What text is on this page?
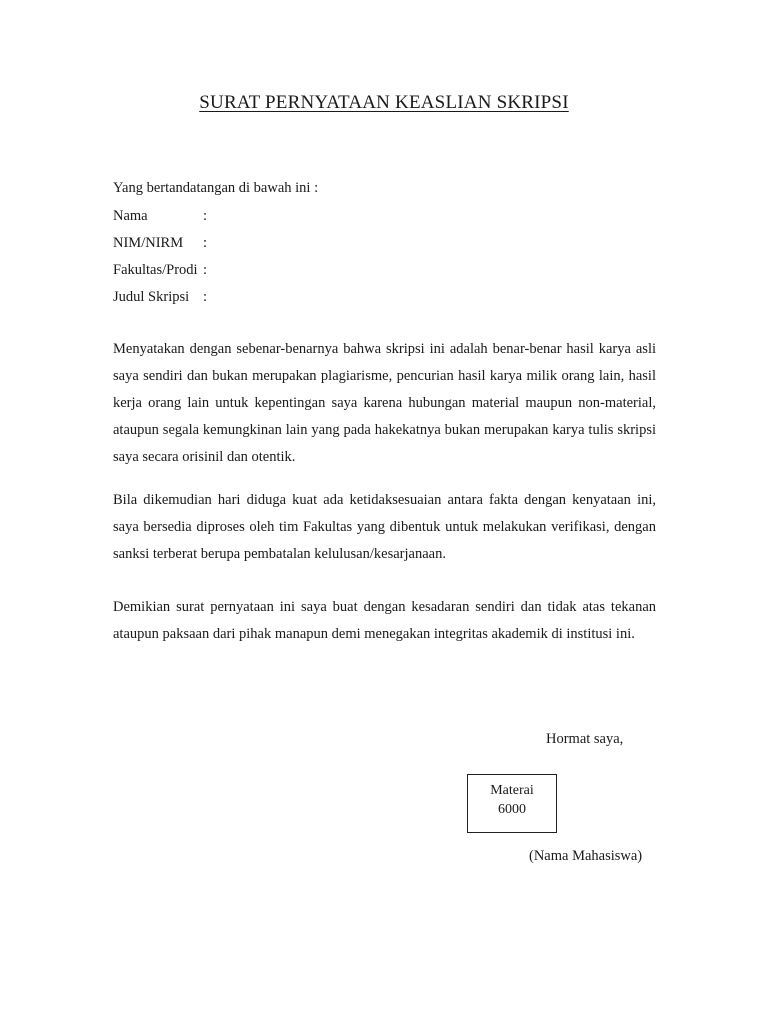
SURAT PERNYATAAN KEASLIAN SKRIPSI
Yang bertandatangan di bawah ini :
Nama	:
NIM/NIRM	:
Fakultas/Prodi :
Judul Skripsi :
Menyatakan dengan sebenar-benarnya bahwa skripsi ini adalah benar-benar hasil karya asli saya sendiri dan bukan merupakan plagiarisme, pencurian hasil karya milik orang lain, hasil kerja orang lain untuk kepentingan saya karena hubungan material maupun non-material, ataupun segala kemungkinan lain yang pada hakekatnya bukan merupakan karya tulis skripsi saya secara orisinil dan otentik.
Bila dikemudian hari diduga kuat ada ketidaksesuaian antara fakta dengan kenyataan ini, saya bersedia diproses oleh tim Fakultas yang dibentuk untuk melakukan verifikasi, dengan sanksi terberat berupa pembatalan kelulusan/kesarjanaan.
Demikian surat pernyataan ini saya buat dengan kesadaran sendiri dan tidak atas tekanan ataupun paksaan dari pihak manapun demi menegakan integritas akademik di institusi ini.
Hormat saya,
Materai
6000
(Nama Mahasiswa)
